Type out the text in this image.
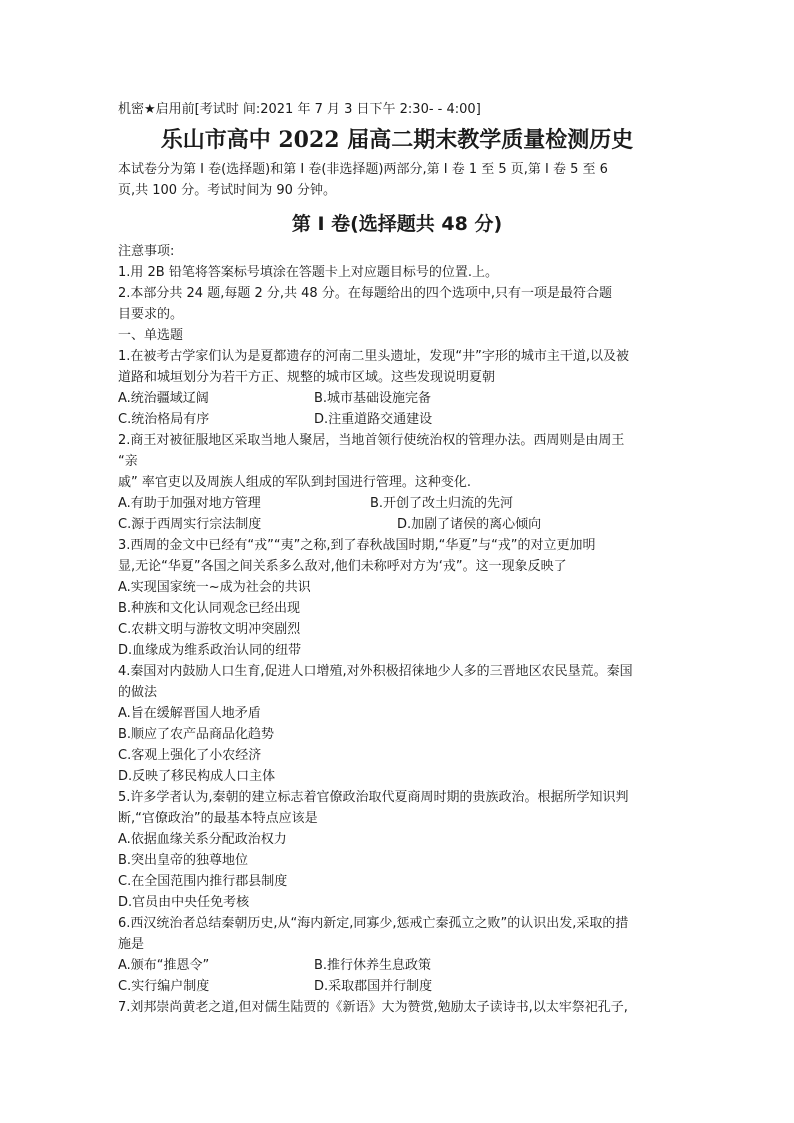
机密★启用前[考试时 间:2021 年 7 月 3 日下午 2:30- - 4:00]
乐山市高中 2022 届高二期末教学质量检测历史
本试卷分为第 I 卷(选择题)和第 I 卷(非选择题)两部分,第 I 卷 1 至 5 页,第 I 卷 5 至 6
页,共 100 分。考试时间为 90 分钟。
第 I 卷(选择题共 48 分)
注意事项:
1.用 2B 铅笔将答案标号填涂在答题卡上对应题目标号的位置.上。
2.本部分共 24 题,每题 2 分,共 48 分。在每题给出的四个选项中,只有一项是最符合题
目要求的。
一、单选题
1.在被考古学家们认为是夏都遗存的河南二里头遗址，发现“井”字形的城市主干道,以及被
道路和城垣划分为若干方正、规整的城市区域。这些发现说明夏朝
A.统治疆域辽阔	B.城市基础设施完备
C.统治格局有序	D.注重道路交通建设
2.商王对被征服地区采取当地人聚居，当地首领行使统治权的管理办法。西周则是由周王
“亲
戚” 率官吏以及周族人组成的军队到封国进行管理。这种变化.
A.有助于加强对地方管理	B.开创了改土归流的先河
C.源于西周实行宗法制度	D.加剧了诸侯的离心倾向
3.西周的金文中已经有“戎”“夷”之称,到了春秋战国时期,“华夏”与“戎”的对立更加明
显,无论“华夏”各国之间关系多么敌对,他们未称呼对方为‘戎”。这一现象反映了
A.实现国家统一~成为社会的共识
B.种族和文化认同观念已经出现
C.农耕文明与游牧文明冲突剧烈
D.血缘成为维系政治认同的纽带
4.秦国对内鼓励人口生育,促进人口增殖,对外积极招徕地少人多的三晋地区农民垦荒。秦国
的做法
A.旨在缓解晋国人地矛盾
B.顺应了农产品商品化趋势
C.客观上强化了小农经济
D.反映了移民构成人口主体
5.许多学者认为,秦朝的建立标志着官僚政治取代夏商周时期的贵族政治。根据所学知识判
断,“官僚政治”的最基本特点应该是
A.依据血缘关系分配政治权力
B.突出皇帝的独尊地位
C.在全国范围内推行郡县制度
D.官员由中央任免考核
6.西汉统治者总结秦朝历史,从“海内新定,同寡少,惩戒亡秦孤立之败”的认识出发,采取的措
施是
A.颁布“推恩令”	B.推行休养生息政策
C.实行编户制度	D.采取郡国并行制度
7.刘邦崇尚黄老之道,但对儒生陆贾的《新语》大为赞赏,勉励太子读诗书,以太牢祭祀孔子,
